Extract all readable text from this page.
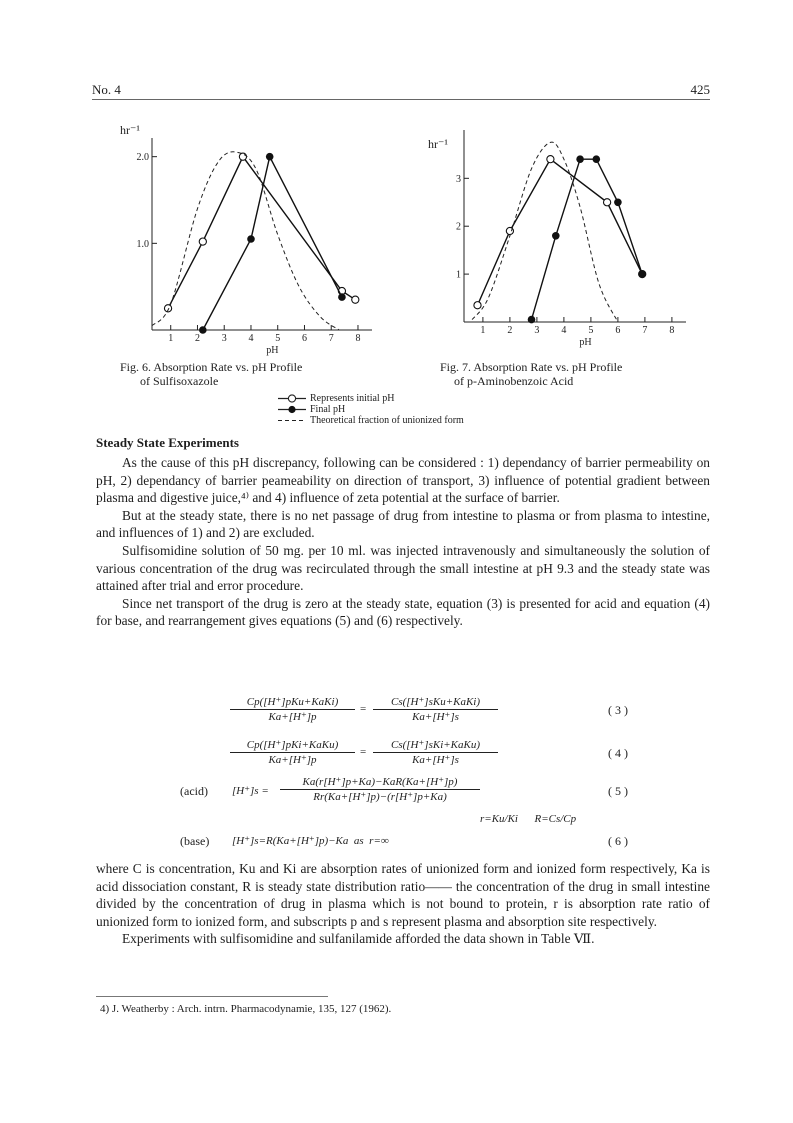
No. 4	425
hr⁻¹
1 2 3 4 5 6 7 8
pH
1.0
2.0
hr⁻¹
1 2 3 4 5 6 7 8
pH
1
2
3
Fig. 6. Absorption Rate vs. pH Profile
of Sulfisoxazole
Fig. 7. Absorption Rate vs. pH Profile
of p-Aminobenzoic Acid
Represents initial pH
Final pH
Theoretical fraction of unionized form
Steady State Experiments

As the cause of this pH discrepancy, following can be considered : 1) dependancy of barrier permeability on pH, 2) dependancy of barrier peameability on direction of transport, 3) influence of potential gradient between plasma and digestive juice,⁴⁾ and 4) influence of zeta potential at the surface of barrier.

But at the steady state, there is no net passage of drug from intestine to plasma or from plasma to intestine, and influences of 1) and 2) are excluded.

Sulfisomidine solution of 50 mg. per 10 ml. was injected intravenously and simultaneously the solution of various concentration of the drug was recirculated through the small intestine at pH 9.3 and the steady state was attained after trial and error procedure.

Since net transport of the drug is zero at the steady state, equation (3) is presented for acid and equation (4) for base, and rearrangement gives equations (5) and (6) respectively.

Cp([H⁺]pKu+KaKi)
Ka+[H⁺]p
=
Cs([H⁺]sKu+KaKi)
Ka+[H⁺]s	( 3 )
Cp([H⁺]pKi+KaKu)
Ka+[H⁺]p
=
Cs([H⁺]sKi+KaKu)
Ka+[H⁺]s	( 4 )
(acid) [H⁺]s =
Ka(r[H⁺]p+Ka)−KaR(Ka+[H⁺]p)
Rr(Ka+[H⁺]p)−(r[H⁺]p+Ka)	( 5 )
r=Ku/Ki      R=Cs/Cp
(base) [H⁺]s=R(Ka+[H⁺]p)−Ka  as  r=∞	( 6 )

where C is concentration, Ku and Ki are absorption rates of unionized form and ionized form respectively, Ka is acid dissociation constant, R is steady state distribution ratio—— the concentration of the drug in small intestine divided by the concentration of drug in plasma which is not bound to protein, r is absorption rate ratio of unionized form to ionized form, and subscripts p and s represent plasma and absorption site respectively.

Experiments with sulfisomidine and sulfanilamide afforded the data shown in Table Ⅶ.

4) J. Weatherby : Arch. intrn. Pharmacodynamie, 135, 127 (1962).
